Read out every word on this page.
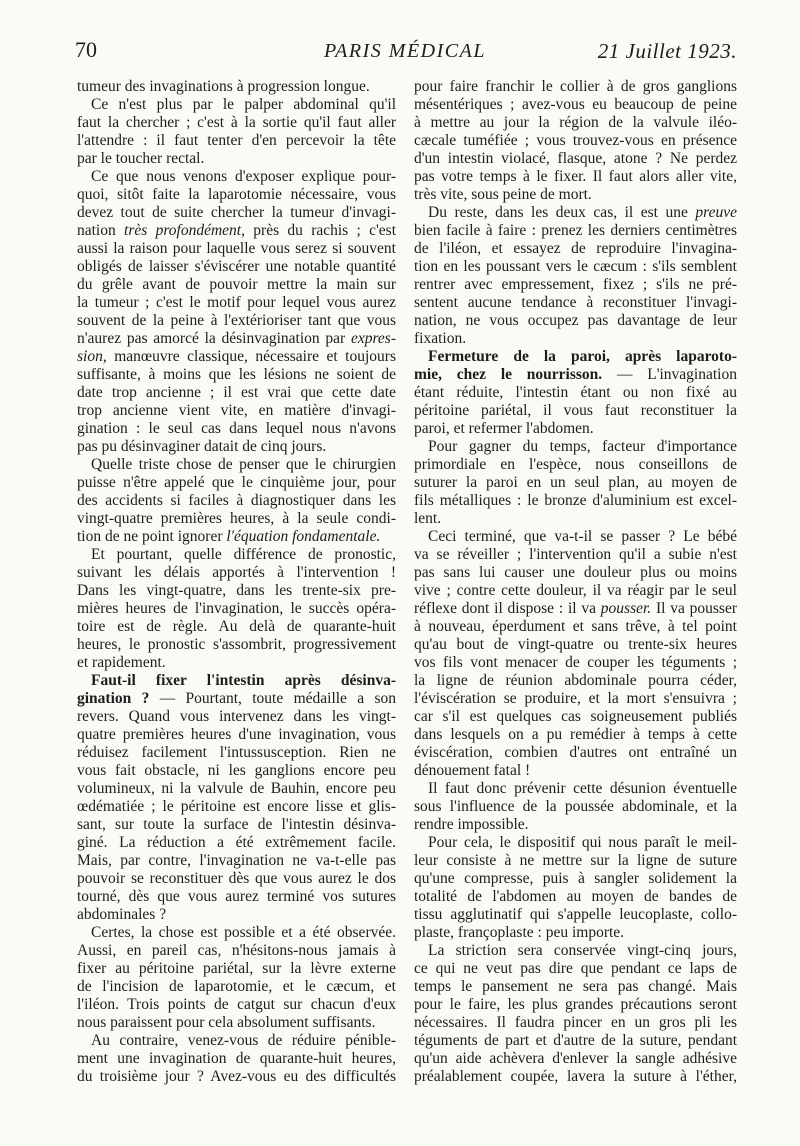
70	PARIS MÉDICAL	21 Juillet 1923.
tumeur des invaginations à progression longue.
Ce n'est plus par le palper abdominal qu'il
faut la chercher ; c'est à la sortie qu'il faut aller
l'attendre : il faut tenter d'en percevoir la tête
par le toucher rectal.
Ce que nous venons d'exposer explique pour-
quoi, sitôt faite la laparotomie nécessaire, vous
devez tout de suite chercher la tumeur d'invagi-
nation très profondément, près du rachis ; c'est
aussi la raison pour laquelle vous serez si souvent
obligés de laisser s'éviscérer une notable quantité
du grêle avant de pouvoir mettre la main sur
la tumeur ; c'est le motif pour lequel vous aurez
souvent de la peine à l'extérioriser tant que vous
n'aurez pas amorcé la désinvagination par expres-
sion, manœuvre classique, nécessaire et toujours
suffisante, à moins que les lésions ne soient de
date trop ancienne ; il est vrai que cette date
trop ancienne vient vite, en matière d'invagi-
gination : le seul cas dans lequel nous n'avons
pas pu désinvaginer datait de cinq jours.
Quelle triste chose de penser que le chirurgien
puisse n'être appelé que le cinquième jour, pour
des accidents si faciles à diagnostiquer dans les
vingt-quatre premières heures, à la seule condi-
tion de ne point ignorer l'équation fondamentale.
Et pourtant, quelle différence de pronostic,
suivant les délais apportés à l'intervention !
Dans les vingt-quatre, dans les trente-six pre-
mières heures de l'invagination, le succès opéra-
toire est de règle. Au delà de quarante-huit
heures, le pronostic s'assombrit, progressivement
et rapidement.
Faut-il fixer l'intestin après désinva-
gination ? — Pourtant, toute médaille a son
revers. Quand vous intervenez dans les vingt-
quatre premières heures d'une invagination, vous
réduisez facilement l'intussusception. Rien ne
vous fait obstacle, ni les ganglions encore peu
volumineux, ni la valvule de Bauhin, encore peu
œdématiée ; le péritoine est encore lisse et glis-
sant, sur toute la surface de l'intestin désinva-
giné. La réduction a été extrêmement facile.
Mais, par contre, l'invagination ne va-t-elle pas
pouvoir se reconstituer dès que vous aurez le dos
tourné, dès que vous aurez terminé vos sutures
abdominales ?
Certes, la chose est possible et a été observée.
Aussi, en pareil cas, n'hésitons-nous jamais à
fixer au péritoine pariétal, sur la lèvre externe
de l'incision de laparotomie, et le cæcum, et
l'iléon. Trois points de catgut sur chacun d'eux
nous paraissent pour cela absolument suffisants.
Au contraire, venez-vous de réduire pénible-
ment une invagination de quarante-huit heures,
du troisième jour ? Avez-vous eu des difficultés
pour faire franchir le collier à de gros ganglions
mésentériques ; avez-vous eu beaucoup de peine
à mettre au jour la région de la valvule iléo-
cæcale tuméfiée ; vous trouvez-vous en présence
d'un intestin violacé, flasque, atone ? Ne perdez
pas votre temps à le fixer. Il faut alors aller vite,
très vite, sous peine de mort.
Du reste, dans les deux cas, il est une preuve
bien facile à faire : prenez les derniers centimètres
de l'iléon, et essayez de reproduire l'invagina-
tion en les poussant vers le cæcum : s'ils semblent
rentrer avec empressement, fixez ; s'ils ne pré-
sentent aucune tendance à reconstituer l'invagi-
nation, ne vous occupez pas davantage de leur
fixation.
Fermeture de la paroi, après laparoto-
mie, chez le nourrisson. — L'invagination
étant réduite, l'intestin étant ou non fixé au
péritoine pariétal, il vous faut reconstituer la
paroi, et refermer l'abdomen.
Pour gagner du temps, facteur d'importance
primordiale en l'espèce, nous conseillons de
suturer la paroi en un seul plan, au moyen de
fils métalliques : le bronze d'aluminium est excel-
lent.
Ceci terminé, que va-t-il se passer ? Le bébé
va se réveiller ; l'intervention qu'il a subie n'est
pas sans lui causer une douleur plus ou moins
vive ; contre cette douleur, il va réagir par le seul
réflexe dont il dispose : il va pousser. Il va pousser
à nouveau, éperdument et sans trêve, à tel point
qu'au bout de vingt-quatre ou trente-six heures
vos fils vont menacer de couper les téguments ;
la ligne de réunion abdominale pourra céder,
l'éviscération se produire, et la mort s'ensuivra ;
car s'il est quelques cas soigneusement publiés
dans lesquels on a pu remédier à temps à cette
éviscération, combien d'autres ont entraîné un
dénouement fatal !
Il faut donc prévenir cette désunion éventuelle
sous l'influence de la poussée abdominale, et la
rendre impossible.
Pour cela, le dispositif qui nous paraît le meil-
leur consiste à ne mettre sur la ligne de suture
qu'une compresse, puis à sangler solidement la
totalité de l'abdomen au moyen de bandes de
tissu agglutinatif qui s'appelle leucoplaste, collo-
plaste, françoplaste : peu importe.
La striction sera conservée vingt-cinq jours,
ce qui ne veut pas dire que pendant ce laps de
temps le pansement ne sera pas changé. Mais
pour le faire, les plus grandes précautions seront
nécessaires. Il faudra pincer en un gros pli les
téguments de part et d'autre de la suture, pendant
qu'un aide achèvera d'enlever la sangle adhésive
préalablement coupée, lavera la suture à l'éther,
